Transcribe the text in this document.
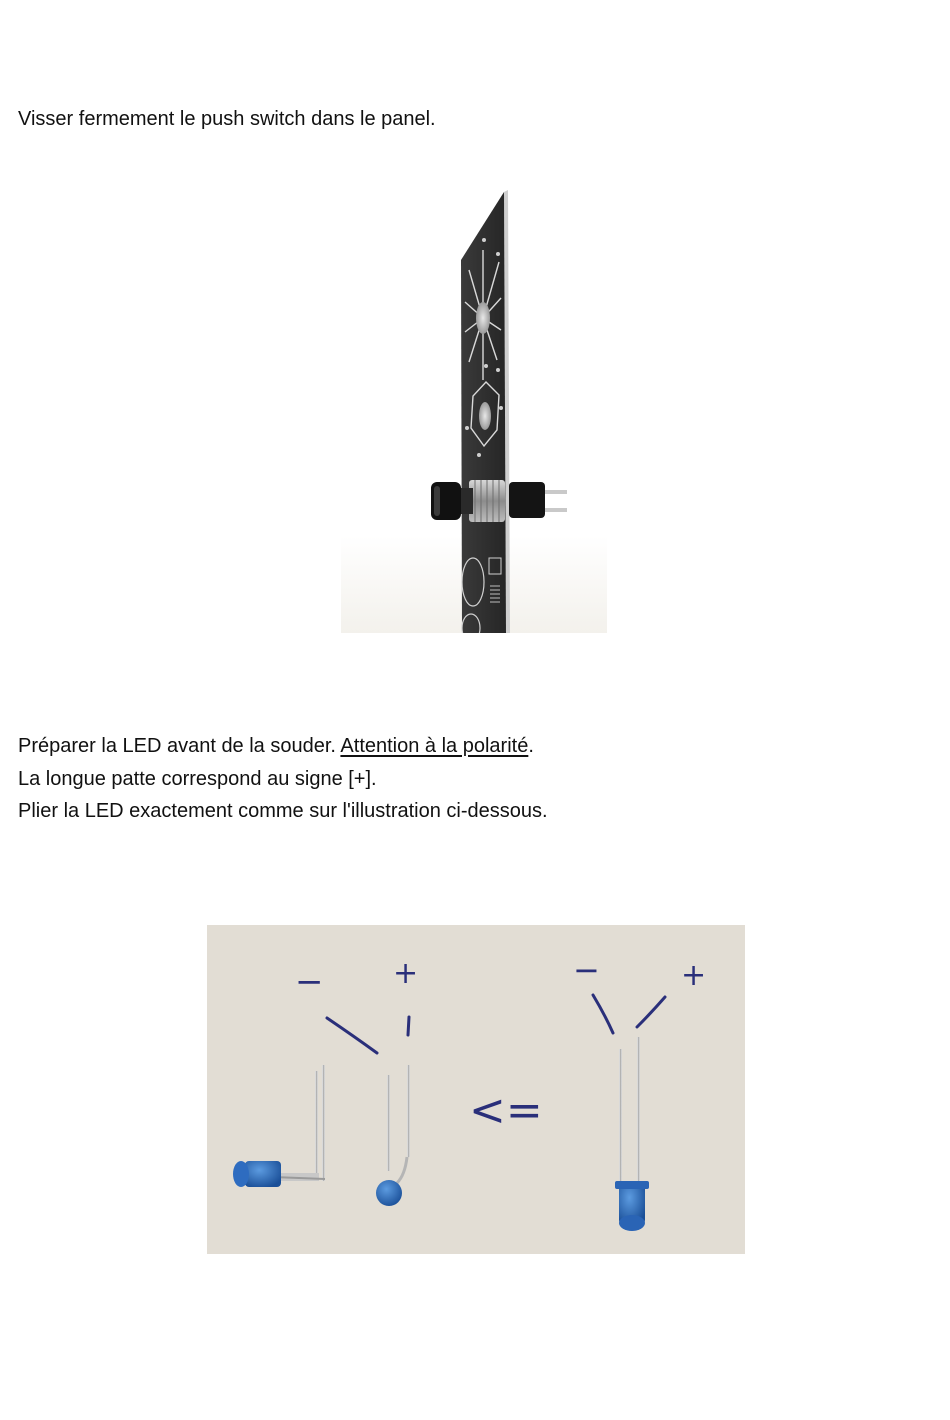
Visser fermement le push switch dans le panel.

Préparer la LED avant de la souder. Attention à la polarité.
La longue patte correspond au signe [+].
Plier la LED exactement comme sur l'illustration ci-dessous.
− +	−	+
<=
